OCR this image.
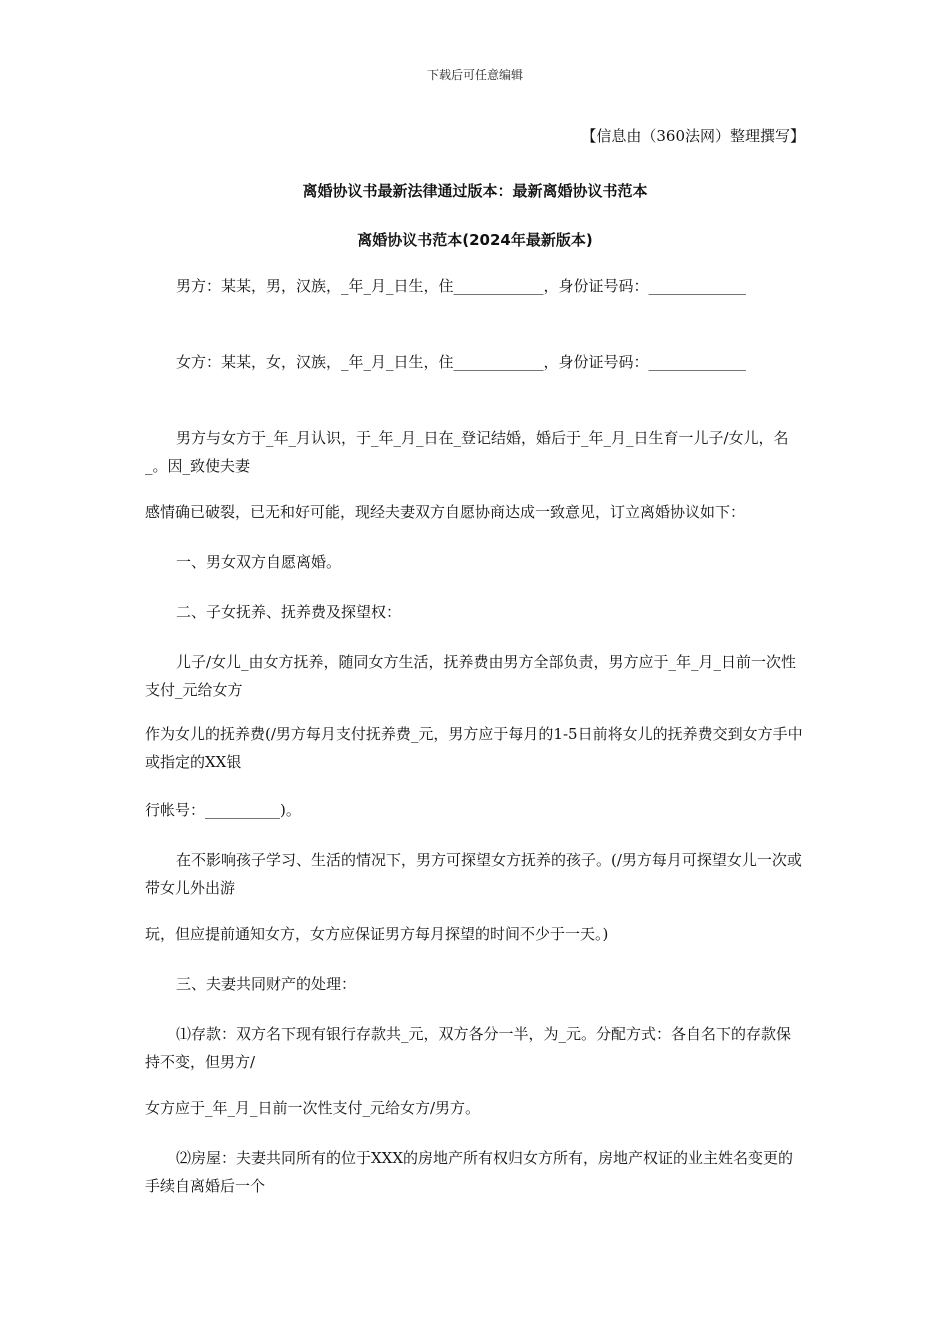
下载后可任意编辑
【信息由（360法网）整理撰写】
离婚协议书最新法律通过版本：最新离婚协议书范本
离婚协议书范本(2024年最新版本)
男方：某某，男，汉族，_年_月_日生，住____________，身份证号码：_____________
女方：某某，女，汉族，_年_月_日生，住____________，身份证号码：_____________
男方与女方于_年_月认识，于_年_月_日在_登记结婚，婚后于_年_月_日生育一儿子/女儿，名_。因_致使夫妻
感情确已破裂，已无和好可能，现经夫妻双方自愿协商达成一致意见，订立离婚协议如下：
一、男女双方自愿离婚。
二、子女抚养、抚养费及探望权：
儿子/女儿_由女方抚养，随同女方生活，抚养费由男方全部负责，男方应于_年_月_日前一次性支付_元给女方
作为女儿的抚养费(/男方每月支付抚养费_元，男方应于每月的1-5日前将女儿的抚养费交到女方手中或指定的XX银
行帐号：__________)。
在不影响孩子学习、生活的情况下，男方可探望女方抚养的孩子。(/男方每月可探望女儿一次或带女儿外出游
玩，但应提前通知女方，女方应保证男方每月探望的时间不少于一天。)
三、夫妻共同财产的处理：
⑴存款：双方名下现有银行存款共_元，双方各分一半，为_元。分配方式：各自名下的存款保持不变，但男方/
女方应于_年_月_日前一次性支付_元给女方/男方。
⑵房屋：夫妻共同所有的位于XXX的房地产所有权归女方所有，房地产权证的业主姓名变更的手续自离婚后一个
